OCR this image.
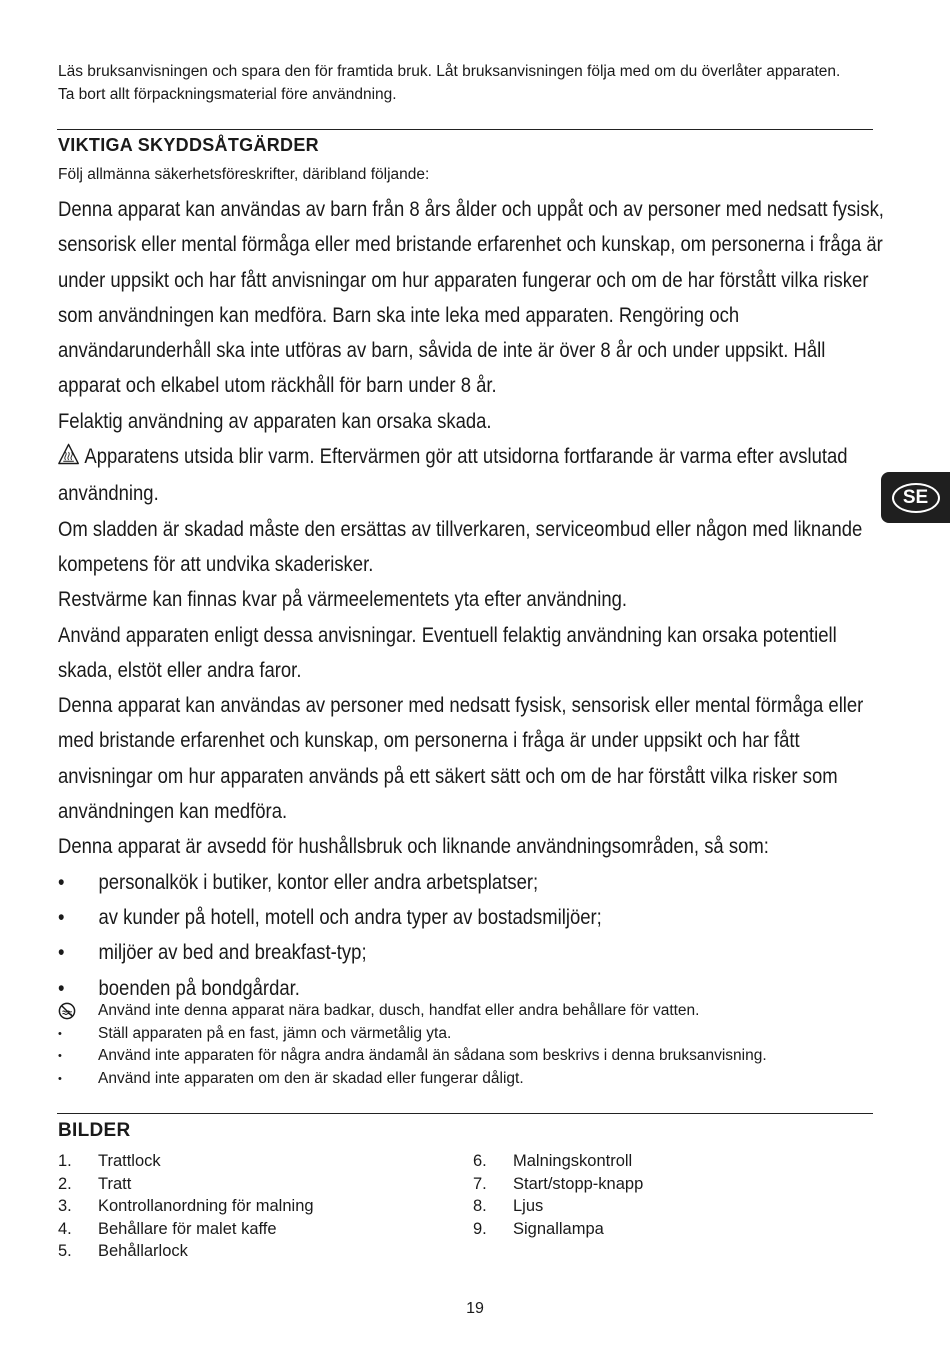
Läs bruksanvisningen och spara den för framtida bruk. Låt bruksanvisningen följa med om du överlåter apparaten. Ta bort allt förpackningsmaterial före användning.
VIKTIGA SKYDDSÅTGÄRDER
Följ allmänna säkerhetsföreskrifter, däribland följande:

Denna apparat kan användas av barn från 8 års ålder och uppåt och av personer med nedsatt fysisk,

sensorisk eller mental förmåga eller med bristande erfarenhet och kunskap, om personerna i fråga är

under uppsikt och har fått anvisningar om hur apparaten fungerar och om de har förstått vilka risker

som användningen kan medföra. Barn ska inte leka med apparaten. Rengöring och

användarunderhåll ska inte utföras av barn, såvida de inte är över 8 år och under uppsikt. Håll

apparat och elkabel utom räckhåll för barn under 8 år.

Felaktig användning av apparaten kan orsaka skada.

Apparatens utsida blir varm. Eftervärmen gör att utsidorna fortfarande är varma efter avslutad

användning.

Om sladden är skadad måste den ersättas av tillverkaren, serviceombud eller någon med liknande

kompetens för att undvika skaderisker.

Restvärme kan finnas kvar på värmeelementets yta efter användning.

Använd apparaten enligt dessa anvisningar. Eventuell felaktig användning kan orsaka potentiell

skada, elstöt eller andra faror.

Denna apparat kan användas av personer med nedsatt fysisk, sensorisk eller mental förmåga eller

med bristande erfarenhet och kunskap, om personerna i fråga är under uppsikt och har fått

anvisningar om hur apparaten används på ett säkert sätt och om de har förstått vilka risker som

användningen kan medföra.

Denna apparat är avsedd för hushållsbruk och liknande användningsområden, så som:

•	personalkök i butiker, kontor eller andra arbetsplatser;

•	av kunder på hotell, motell och andra typer av bostadsmiljöer;

•	miljöer av bed and breakfast-typ;

•	boenden på bondgårdar.

Använd inte denna apparat nära badkar, dusch, handfat eller andra behållare för vatten.
•	Ställ apparaten på en fast, jämn och värmetålig yta.
•	Använd inte apparaten för några andra ändamål än sådana som beskrivs i denna bruksanvisning.
•	Använd inte apparaten om den är skadad eller fungerar dåligt.
BILDER
1.	Trattlock
2.	Tratt
3.	Kontrollanordning för malning
4.	Behållare för malet kaffe
5.	Behållarlock
6.	Malningskontroll
7.	Start/stopp-knapp
8.	Ljus
9.	Signallampa
SE
19
